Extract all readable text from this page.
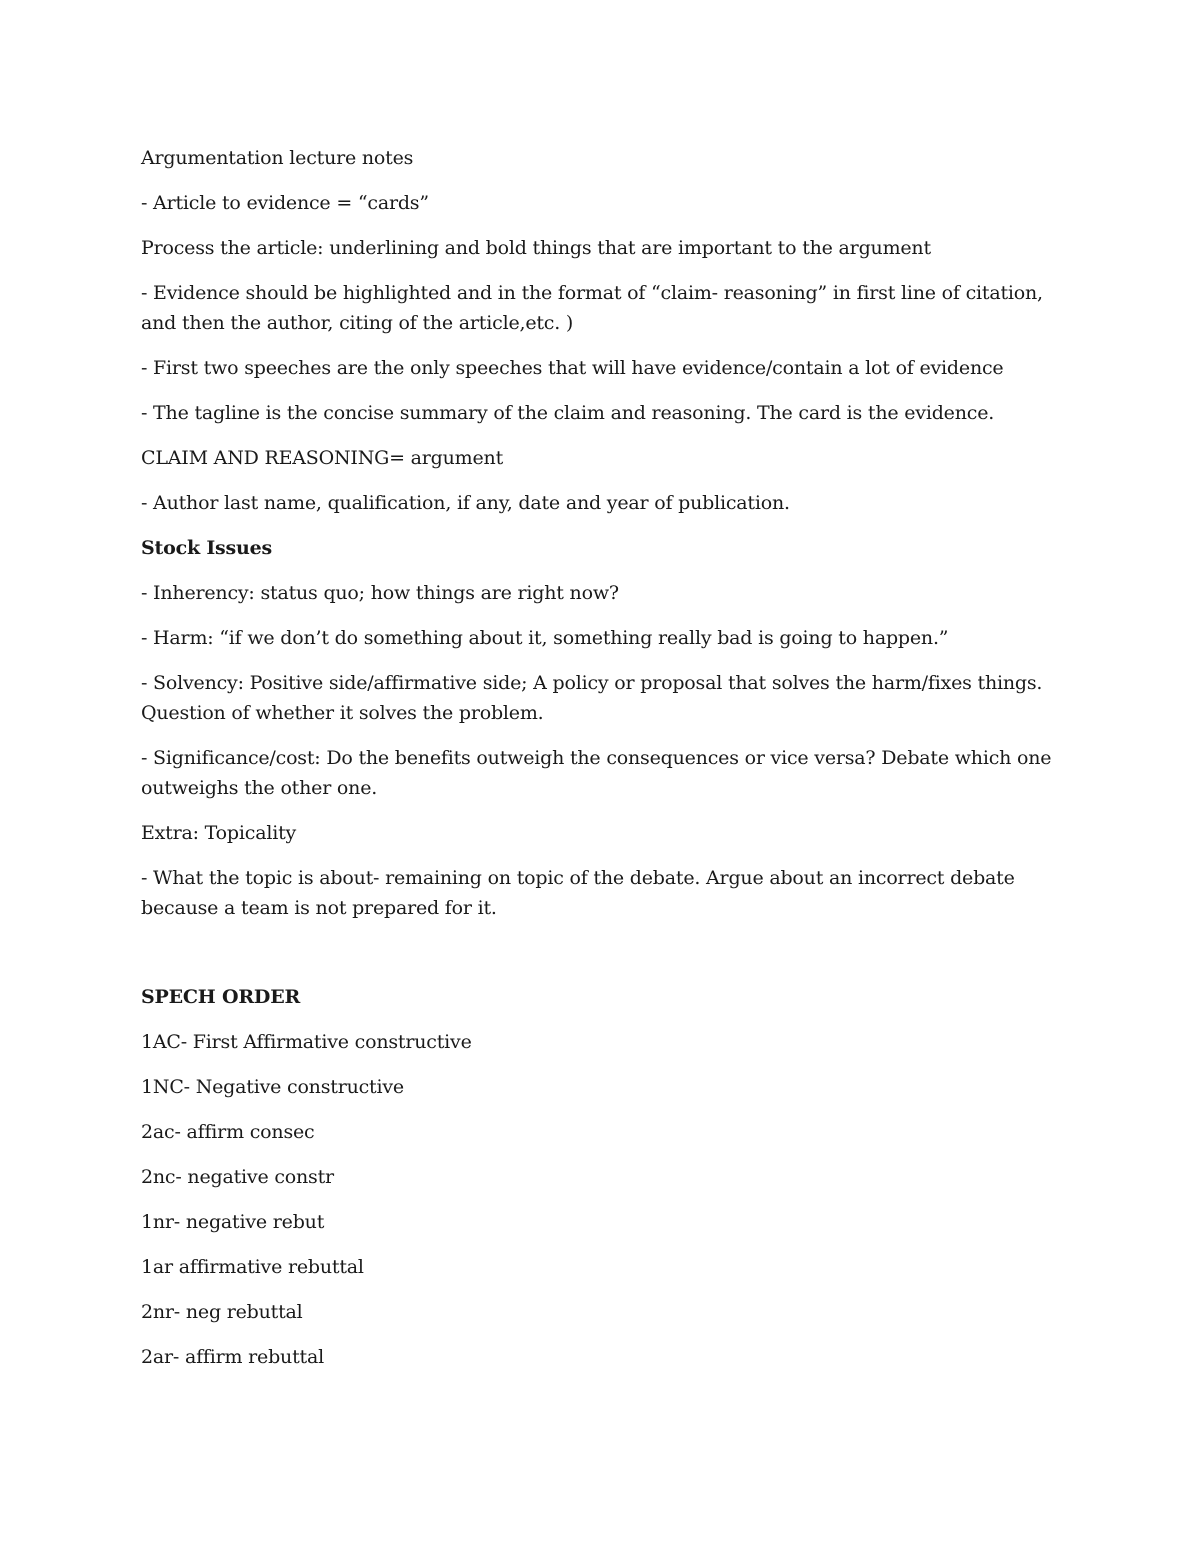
Argumentation lecture notes

- Article to evidence = “cards”

Process the article: underlining and bold things that are important to the argument

- Evidence should be highlighted and in the format of “claim- reasoning” in first line of citation, and then the author, citing of the article,etc. )

- First two speeches are the only speeches that will have evidence/contain a lot of evidence

- The tagline is the concise summary of the claim and reasoning. The card is the evidence.

CLAIM AND REASONING= argument

- Author last name, qualification, if any, date and year of publication.

Stock Issues

- Inherency: status quo; how things are right now?

- Harm: “if we don’t do something about it, something really bad is going to happen.”

- Solvency: Positive side/affirmative side; A policy or proposal that solves the harm/fixes things. Question of whether it solves the problem.

- Significance/cost: Do the benefits outweigh the consequences or vice versa? Debate which one outweighs the other one.

Extra: Topicality

- What the topic is about- remaining on topic of the debate. Argue about an incorrect debate because a team is not prepared for it.

SPECH ORDER

1AC- First Affirmative constructive

1NC- Negative constructive

2ac- affirm consec

2nc- negative constr

1nr- negative rebut

1ar affirmative rebuttal

2nr- neg rebuttal

2ar- affirm rebuttal
